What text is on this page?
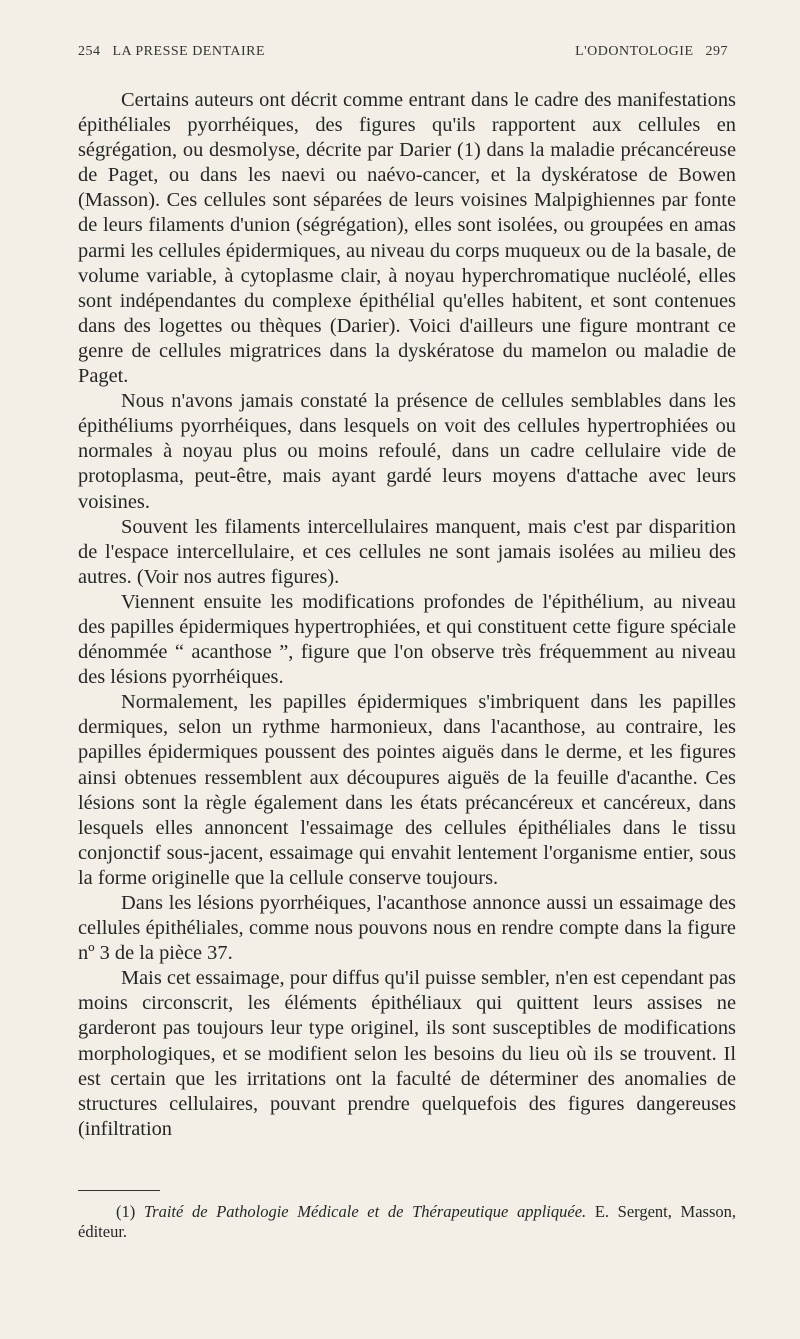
254 LA PRESSE DENTAIRE	L'ODONTOLOGIE 297

Certains auteurs ont décrit comme entrant dans le cadre des manifestations épithéliales pyorrhéiques, des figures qu'ils rapportent aux cellules en ségrégation, ou desmolyse, décrite par Darier (1) dans la maladie précancéreuse de Paget, ou dans les naevi ou naévo-cancer, et la dyskératose de Bowen (Masson). Ces cellules sont séparées de leurs voisines Malpighiennes par fonte de leurs filaments d'union (ségrégation), elles sont isolées, ou groupées en amas parmi les cellules épidermiques, au niveau du corps muqueux ou de la basale, de volume variable, à cytoplasme clair, à noyau hyperchromatique nucléolé, elles sont indépendantes du complexe épithélial qu'elles habitent, et sont contenues dans des logettes ou thèques (Darier). Voici d'ailleurs une figure montrant ce genre de cellules migratrices dans la dyskératose du mamelon ou maladie de Paget.

Nous n'avons jamais constaté la présence de cellules semblables dans les épithéliums pyorrhéiques, dans lesquels on voit des cellules hypertrophiées ou normales à noyau plus ou moins refoulé, dans un cadre cellulaire vide de protoplasma, peut-être, mais ayant gardé leurs moyens d'attache avec leurs voisines.

Souvent les filaments intercellulaires manquent, mais c'est par disparition de l'espace intercellulaire, et ces cellules ne sont jamais isolées au milieu des autres. (Voir nos autres figures).

Viennent ensuite les modifications profondes de l'épithélium, au niveau des papilles épidermiques hypertrophiées, et qui constituent cette figure spéciale dénommée “ acanthose ”, figure que l'on observe très fréquemment au niveau des lésions pyorrhéiques.

Normalement, les papilles épidermiques s'imbriquent dans les papilles dermiques, selon un rythme harmonieux, dans l'acanthose, au contraire, les papilles épidermiques poussent des pointes aiguës dans le derme, et les figures ainsi obtenues ressemblent aux découpures aiguës de la feuille d'acanthe. Ces lésions sont la règle également dans les états précancéreux et cancéreux, dans lesquels elles annoncent l'essaimage des cellules épithéliales dans le tissu conjonctif sous-jacent, essaimage qui envahit lentement l'organisme entier, sous la forme originelle que la cellule conserve toujours.

Dans les lésions pyorrhéiques, l'acanthose annonce aussi un essaimage des cellules épithéliales, comme nous pouvons nous en rendre compte dans la figure nº 3 de la pièce 37.

Mais cet essaimage, pour diffus qu'il puisse sembler, n'en est cependant pas moins circonscrit, les éléments épithéliaux qui quittent leurs assises ne garderont pas toujours leur type originel, ils sont susceptibles de modifications morphologiques, et se modifient selon les besoins du lieu où ils se trouvent. Il est certain que les irritations ont la faculté de déterminer des anomalies de structures cellulaires, pouvant prendre quelquefois des figures dangereuses (infiltration

(1) Traité de Pathologie Médicale et de Thérapeutique appliquée. E. Sergent, Masson, éditeur.
